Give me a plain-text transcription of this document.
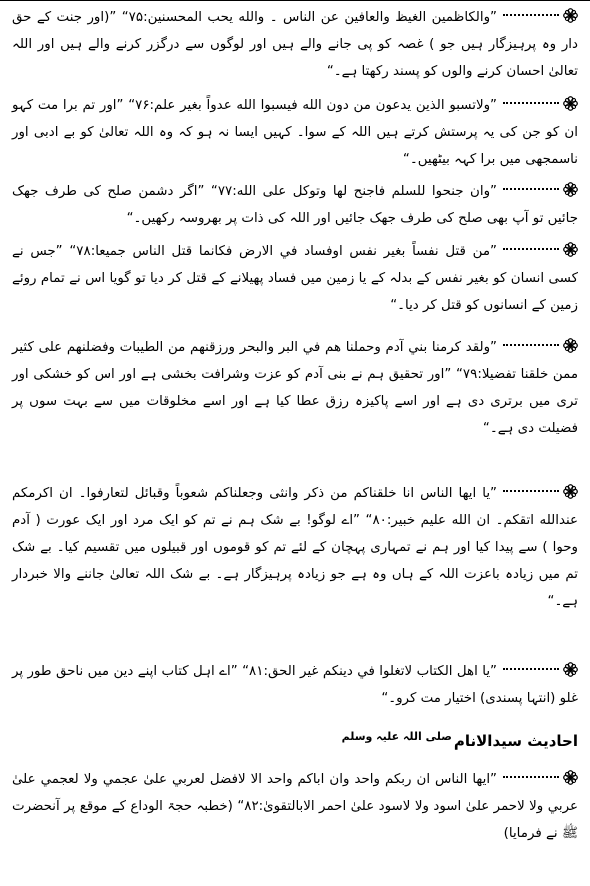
”والكاظمين الغيظ والعافين عن الناس ۔ والله يحب المحسنين:۷۵“ ”(اور جنت کے حق دار وہ پرہیزگار ہیں جو ) غصہ کو پی جانے والے ہیں اور لوگوں سے درگزر کرنے والے ہیں اور اللہ تعالیٰ احسان کرنے والوں کو پسند رکھتا ہے۔“
”ولاتسبو الذين يدعون من دون الله فيسبوا الله عدواً بغير علم:۷۶“ ”اور تم برا مت کہو ان کو جن کی یہ پرستش کرتے ہیں اللہ کے سوا۔ کہیں ایسا نہ ہو کہ وہ اللہ تعالیٰ کو بے ادبی اور ناسمجھی میں برا کہہ بیٹھیں۔“
”وان جنحوا للسلم فاجنح لها وتوكل على الله:۷۷“ ”اگر دشمن صلح کی طرف جھک جائیں تو آپ بھی صلح کی طرف جھک جائیں اور اللہ کی ذات پر بھروسہ رکھیں۔“
”من قتل نفساً بغير نفس اوفساد في الارض فكانما قتل الناس جميعا:۷۸“ ”جس نے کسی انسان کو بغیر نفس کے بدلہ کے یا زمین میں فساد پھیلانے کے قتل کر دیا تو گویا اس نے تمام روئے زمین کے انسانوں کو قتل کر دیا۔“
”ولقد كرمنا بني آدم وحملنا هم في البر والبحر ورزقنهم من الطيبات وفضلنهم على كثير ممن خلقنا تفضيلا:۷۹“ ”اور تحقیق ہم نے بنی آدم کو عزت وشرافت بخشی ہے اور اس کو خشکی اور تری میں برتری دی ہے اور اسے پاکیزہ رزق عطا کیا ہے اور اسے مخلوقات میں سے بہت سوں پر فضیلت دی ہے۔“
”يا ايها الناس انا خلقناكم من ذكر وانثى وجعلناكم شعوباً وقبائل لتعارفوا۔ ان اكرمكم عندالله اتقكم۔ ان الله عليم خبير:۸۰“ ”اے لوگو! بے شک ہم نے تم کو ایک مرد اور ایک عورت ( آدم وحوا ) سے پیدا کیا اور ہم نے تمہاری پہچان کے لئے تم کو قوموں اور قبیلوں میں تقسیم کیا۔ بے شک تم میں زیادہ باعزت اللہ کے ہاں وہ ہے جو زیادہ پرہیزگار ہے۔ بے شک اللہ تعالیٰ جاننے والا خبردار ہے۔“
”يا اهل الكتاب لاتغلوا في دينكم غير الحق:۸۱“ ”اے اہل کتاب اپنے دین میں ناحق طور پر غلو (انتہا پسندی) اختیار مت کرو۔“
احادیث سیدالانامصلی اللہ علیہ وسلم
”ايها الناس ان ربكم واحد وان اباكم واحد الا لافضل لعربي علىٰ عجمي ولا لعجمي علىٰ عربي ولا لاحمر علىٰ اسود ولا لاسود علىٰ احمر الابالتقوىٰ:۸۲“ (خطبہ حجۃ الوداع کے موقع پر آنحضرت ﷺ نے فرمایا)
